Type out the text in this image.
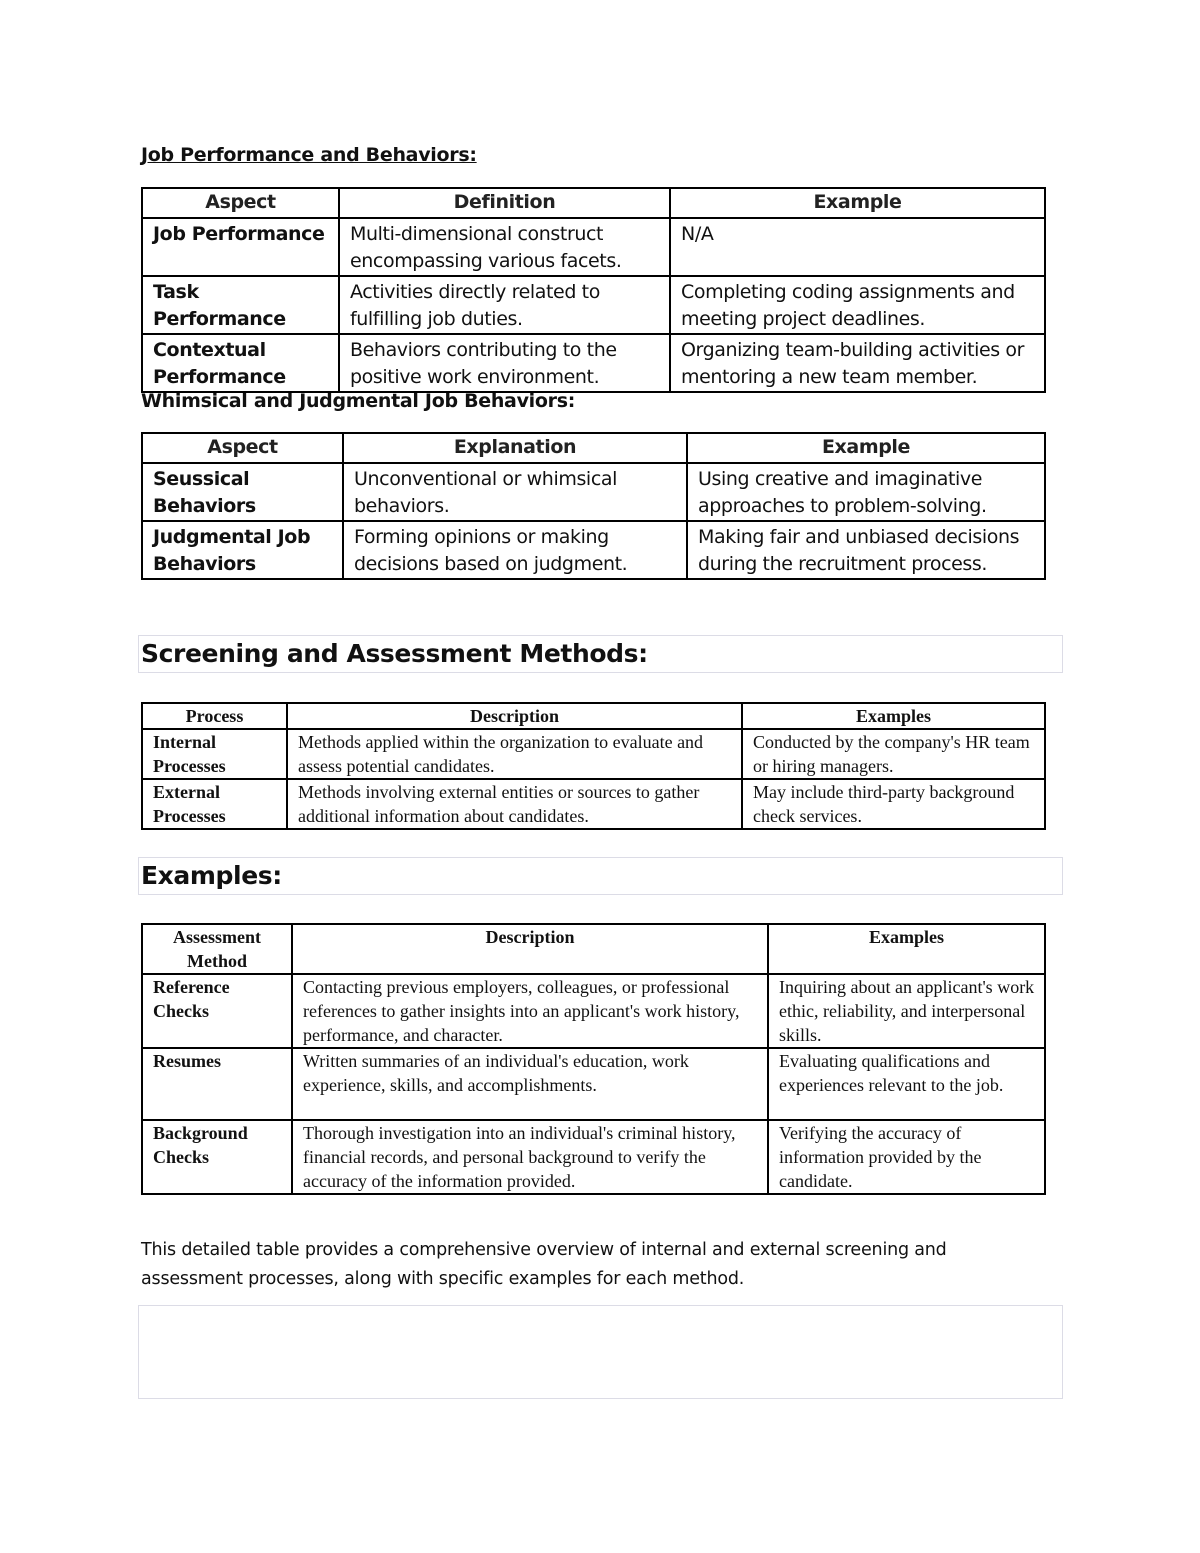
Job Performance and Behaviors:
Aspect	Definition	Example
Job Performance	Multi-dimensional construct encompassing various facets.	N/A
Task Performance	Activities directly related to fulfilling job duties.	Completing coding assignments and meeting project deadlines.
Contextual Performance	Behaviors contributing to the positive work environment.	Organizing team-building activities or mentoring a new team member.
Whimsical and Judgmental Job Behaviors:
Aspect	Explanation	Example
Seussical Behaviors	Unconventional or whimsical behaviors.	Using creative and imaginative approaches to problem-solving.
Judgmental Job Behaviors	Forming opinions or making decisions based on judgment.	Making fair and unbiased decisions during the recruitment process.
Screening and Assessment Methods:
Process	Description	Examples
Internal Processes	Methods applied within the organization to evaluate and assess potential candidates.	Conducted by the company's HR team or hiring managers.
External Processes	Methods involving external entities or sources to gather additional information about candidates.	May include third-party background check services.
Examples:
Assessment Method	Description	Examples
Reference Checks	Contacting previous employers, colleagues, or professional references to gather insights into an applicant's work history, performance, and character.	Inquiring about an applicant's work ethic, reliability, and interpersonal skills.
Resumes	Written summaries of an individual's education, work experience, skills, and accomplishments.	Evaluating qualifications and experiences relevant to the job.
Background Checks	Thorough investigation into an individual's criminal history, financial records, and personal background to verify the accuracy of the information provided.	Verifying the accuracy of information provided by the candidate.
This detailed table provides a comprehensive overview of internal and external screening and assessment processes, along with specific examples for each method.
